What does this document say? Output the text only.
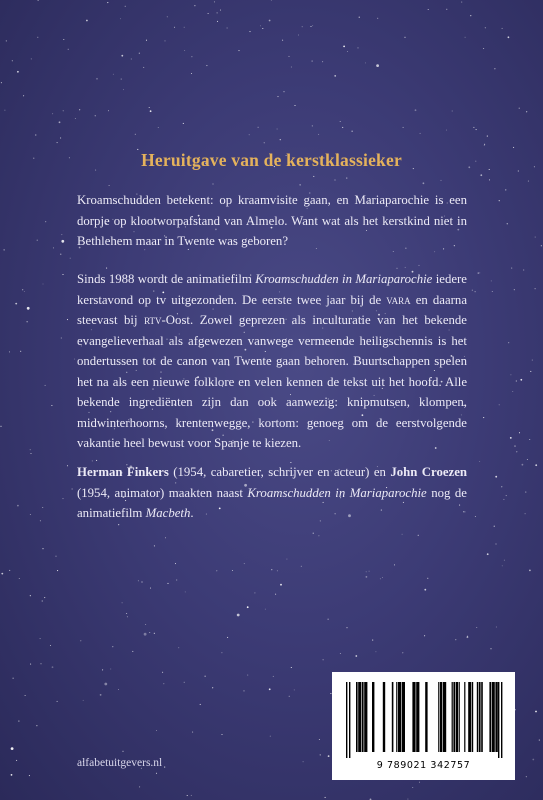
Heruitgave van de kerstklassieker

Kroamschudden betekent: op kraamvisite gaan, en Mariaparochie is een dorpje op klootworpafstand van Almelo. Want wat als het kerstkind niet in Bethlehem maar in Twente was geboren?

Sinds 1988 wordt de animatiefilm Kroamschudden in Mariaparochie iedere kerstavond op tv uitgezonden. De eerste twee jaar bij de vara en daarna steevast bij rtv-Oost. Zowel geprezen als inculturatie van het bekende evangelieverhaal als afgewezen vanwege vermeende heiligschennis is het ondertussen tot de canon van Twente gaan behoren. Buurtschappen spelen het na als een nieuwe folklore en velen kennen de tekst uit het hoofd. Alle bekende ingrediënten zijn dan ook aanwezig: knipmutsen, klompen, midwinterhoorns, krentenwegge, kortom: genoeg om de eerstvolgende vakantie heel bewust voor Spanje te kiezen.

Herman Finkers (1954, cabaretier, schrijver en acteur) en John Croezen (1954, animator) maakten naast Kroamschudden in Mariaparochie nog de animatiefilm Macbeth.

9 789021 342757

alfabetuitgevers.nl
